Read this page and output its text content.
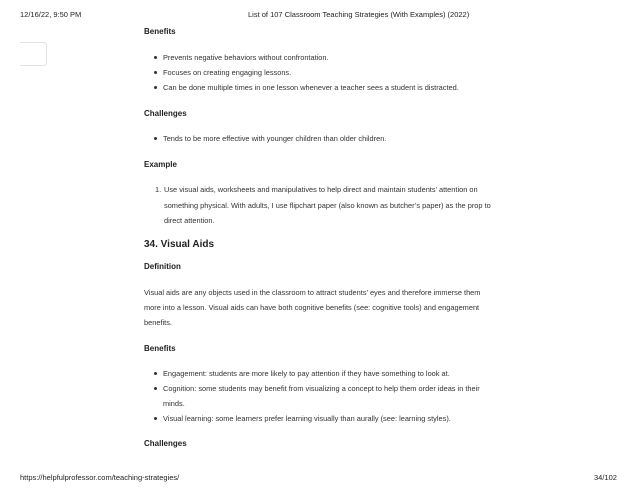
12/16/22, 9:50 PM	List of 107 Classroom Teaching Strategies (With Examples) (2022)
Benefits
Prevents negative behaviors without confrontation.
Focuses on creating engaging lessons.
Can be done multiple times in one lesson whenever a teacher sees a student is distracted.
Challenges
Tends to be more effective with younger children than older children.
Example
1. Use visual aids, worksheets and manipulatives to help direct and maintain students’ attention on
something physical. With adults, I use flipchart paper (also known as butcher’s paper) as the prop to
direct attention.
34. Visual Aids
Definition
Visual aids are any objects used in the classroom to attract students’ eyes and therefore immerse them
more into a lesson. Visual aids can have both cognitive benefits (see: cognitive tools) and engagement
benefits.
Benefits
Engagement: students are more likely to pay attention if they have something to look at.
Cognition: some students may benefit from visualizing a concept to help them order ideas in their
minds.
Visual learning: some learners prefer learning visually than aurally (see: learning styles).
Challenges
https://helpfulprofessor.com/teaching-strategies/	34/102
